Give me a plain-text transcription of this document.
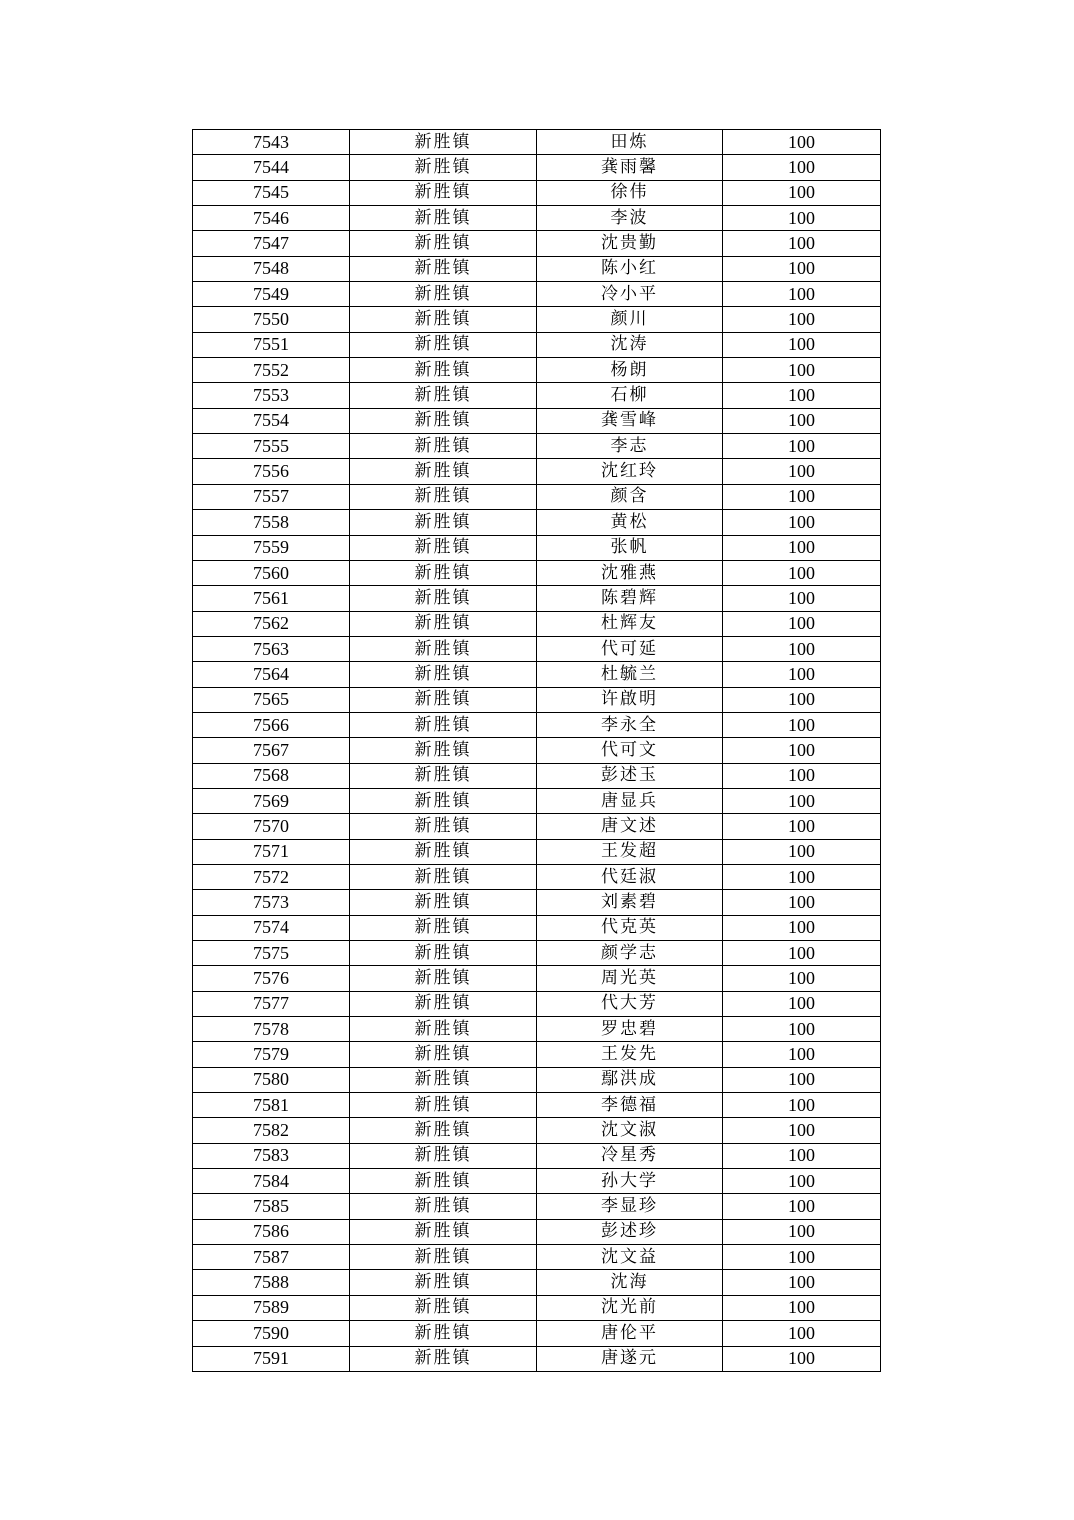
7543	新胜镇	田炼	100
7544	新胜镇	龚雨馨	100
7545	新胜镇	徐伟	100
7546	新胜镇	李波	100
7547	新胜镇	沈贵勤	100
7548	新胜镇	陈小红	100
7549	新胜镇	冷小平	100
7550	新胜镇	颜川	100
7551	新胜镇	沈涛	100
7552	新胜镇	杨朗	100
7553	新胜镇	石柳	100
7554	新胜镇	龚雪峰	100
7555	新胜镇	李志	100
7556	新胜镇	沈红玲	100
7557	新胜镇	颜含	100
7558	新胜镇	黄松	100
7559	新胜镇	张帆	100
7560	新胜镇	沈雅燕	100
7561	新胜镇	陈碧辉	100
7562	新胜镇	杜辉友	100
7563	新胜镇	代可延	100
7564	新胜镇	杜毓兰	100
7565	新胜镇	许啟明	100
7566	新胜镇	李永全	100
7567	新胜镇	代可文	100
7568	新胜镇	彭述玉	100
7569	新胜镇	唐显兵	100
7570	新胜镇	唐文述	100
7571	新胜镇	王发超	100
7572	新胜镇	代廷淑	100
7573	新胜镇	刘素碧	100
7574	新胜镇	代克英	100
7575	新胜镇	颜学志	100
7576	新胜镇	周光英	100
7577	新胜镇	代大芳	100
7578	新胜镇	罗忠碧	100
7579	新胜镇	王发先	100
7580	新胜镇	鄢洪成	100
7581	新胜镇	李德福	100
7582	新胜镇	沈文淑	100
7583	新胜镇	冷星秀	100
7584	新胜镇	孙大学	100
7585	新胜镇	李显珍	100
7586	新胜镇	彭述珍	100
7587	新胜镇	沈文益	100
7588	新胜镇	沈海	100
7589	新胜镇	沈光前	100
7590	新胜镇	唐伦平	100
7591	新胜镇	唐遂元	100
